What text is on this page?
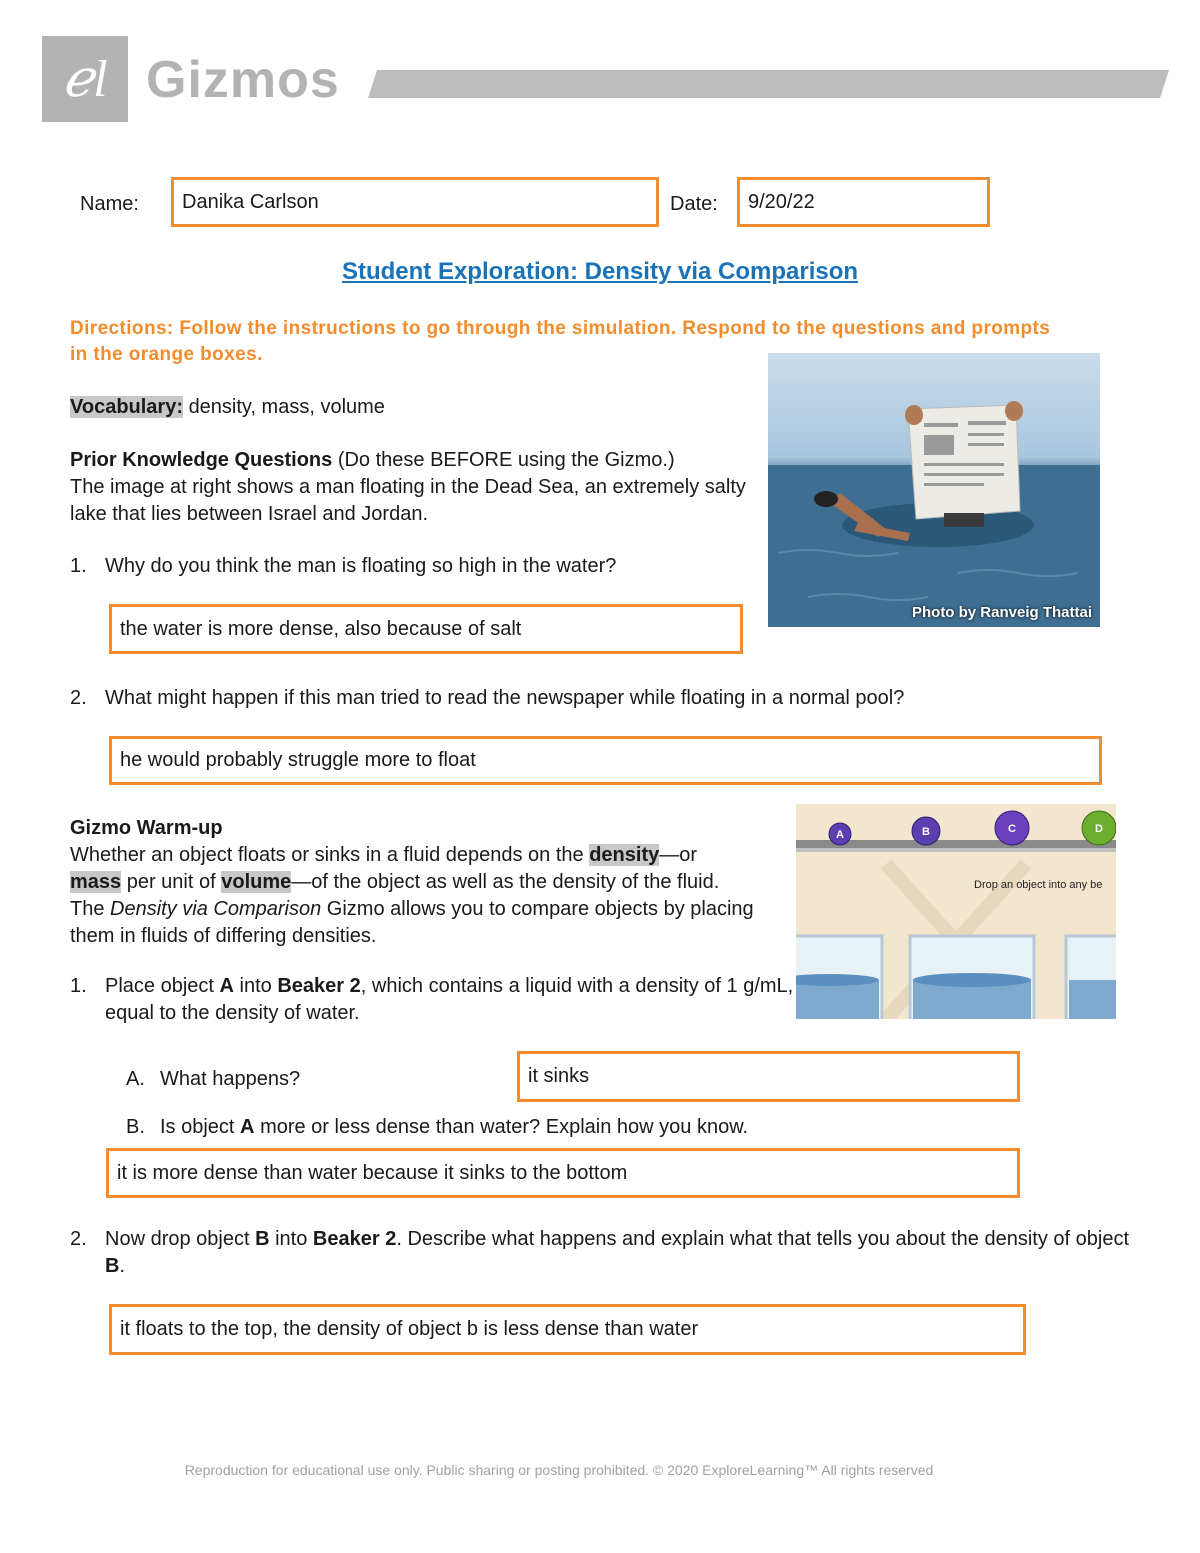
ℯl Gizmos
Name:	Danika Carlson	Date:	9/20/22
Student Exploration: Density via Comparison
Directions: Follow the instructions to go through the simulation. Respond to the questions and prompts in the orange boxes.
Vocabulary: density, mass, volume
Prior Knowledge Questions (Do these BEFORE using the Gizmo.)
The image at right shows a man floating in the Dead Sea, an extremely salty lake that lies between Israel and Jordan.
1. Why do you think the man is floating so high in the water?
the water is more dense, also because of salt
2. What might happen if this man tried to read the newspaper while floating in a normal pool?
he would probably struggle more to float
Photo by Ranveig Thattai
Gizmo Warm-up
Whether an object floats or sinks in a fluid depends on the density—or
mass per unit of volume—of the object as well as the density of the fluid.
The Density via Comparison Gizmo allows you to compare objects by placing them in fluids of differing densities.
A	B	C	D
Drop an object into any be
1. Place object A into Beaker 2, which contains a liquid with a density of 1 g/mL, equal to the density of water.
A. What happens?	it sinks
B. Is object A more or less dense than water? Explain how you know.
it is more dense than water because it sinks to the bottom
2. Now drop object B into Beaker 2. Describe what happens and explain what that tells you about the density of object B.
it floats to the top, the density of object b is less dense than water
Reproduction for educational use only. Public sharing or posting prohibited. © 2020 ExploreLearning™ All rights reserved
